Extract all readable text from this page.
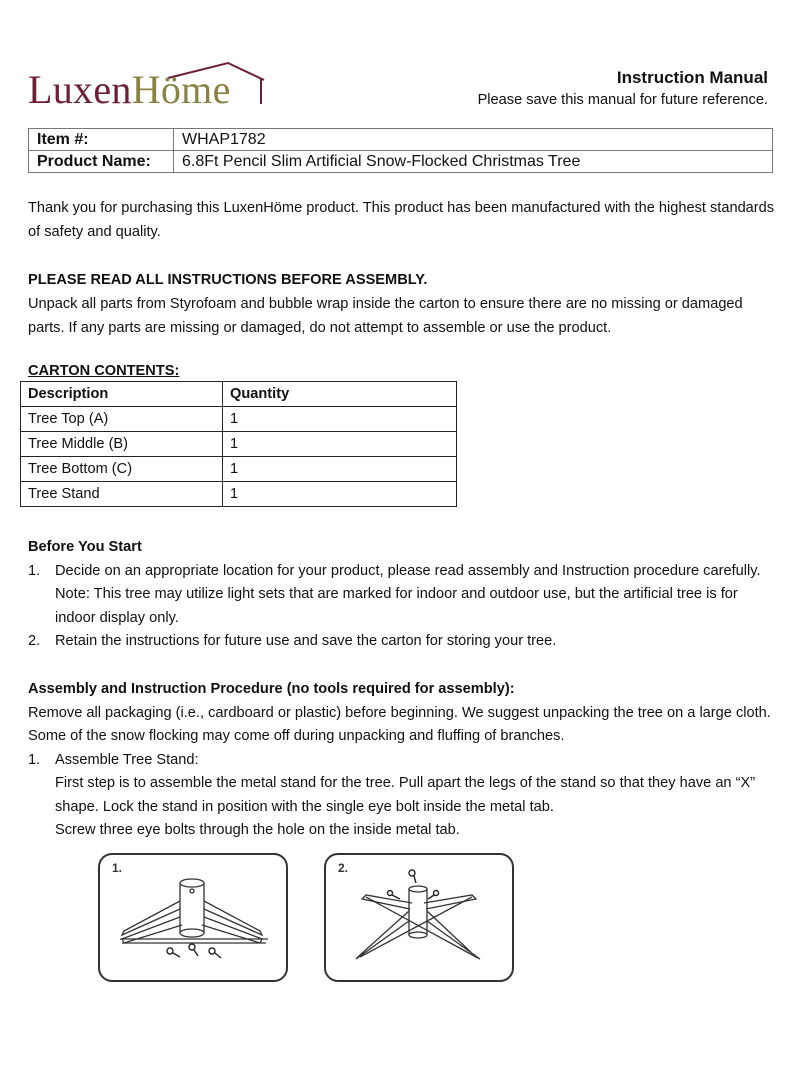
LuxenHöme	Instruction Manual
Please save this manual for future reference.
Item #:	WHAP1782
Product Name:	6.8Ft Pencil Slim Artificial Snow-Flocked Christmas Tree
Thank you for purchasing this LuxenHöme product. This product has been manufactured with the highest standards
of safety and quality.
PLEASE READ ALL INSTRUCTIONS BEFORE ASSEMBLY.
Unpack all parts from Styrofoam and bubble wrap inside the carton to ensure there are no missing or damaged
parts. If any parts are missing or damaged, do not attempt to assemble or use the product.
CARTON CONTENTS:
Description	Quantity
Tree Top (A)	1
Tree Middle (B)	1
Tree Bottom (C)	1
Tree Stand	1
Before You Start
1. Decide on an appropriate location for your product, please read assembly and Instruction procedure carefully.
Note: This tree may utilize light sets that are marked for indoor and outdoor use, but the artificial tree is for
indoor display only.
2. Retain the instructions for future use and save the carton for storing your tree.
Assembly and Instruction Procedure (no tools required for assembly):
Remove all packaging (i.e., cardboard or plastic) before beginning. We suggest unpacking the tree on a large cloth.
Some of the snow flocking may come off during unpacking and fluffing of branches.
1. Assemble Tree Stand:
First step is to assemble the metal stand for the tree. Pull apart the legs of the stand so that they have an “X”
shape. Lock the stand in position with the single eye bolt inside the metal tab.
Screw three eye bolts through the hole on the inside metal tab.
1.	2.
